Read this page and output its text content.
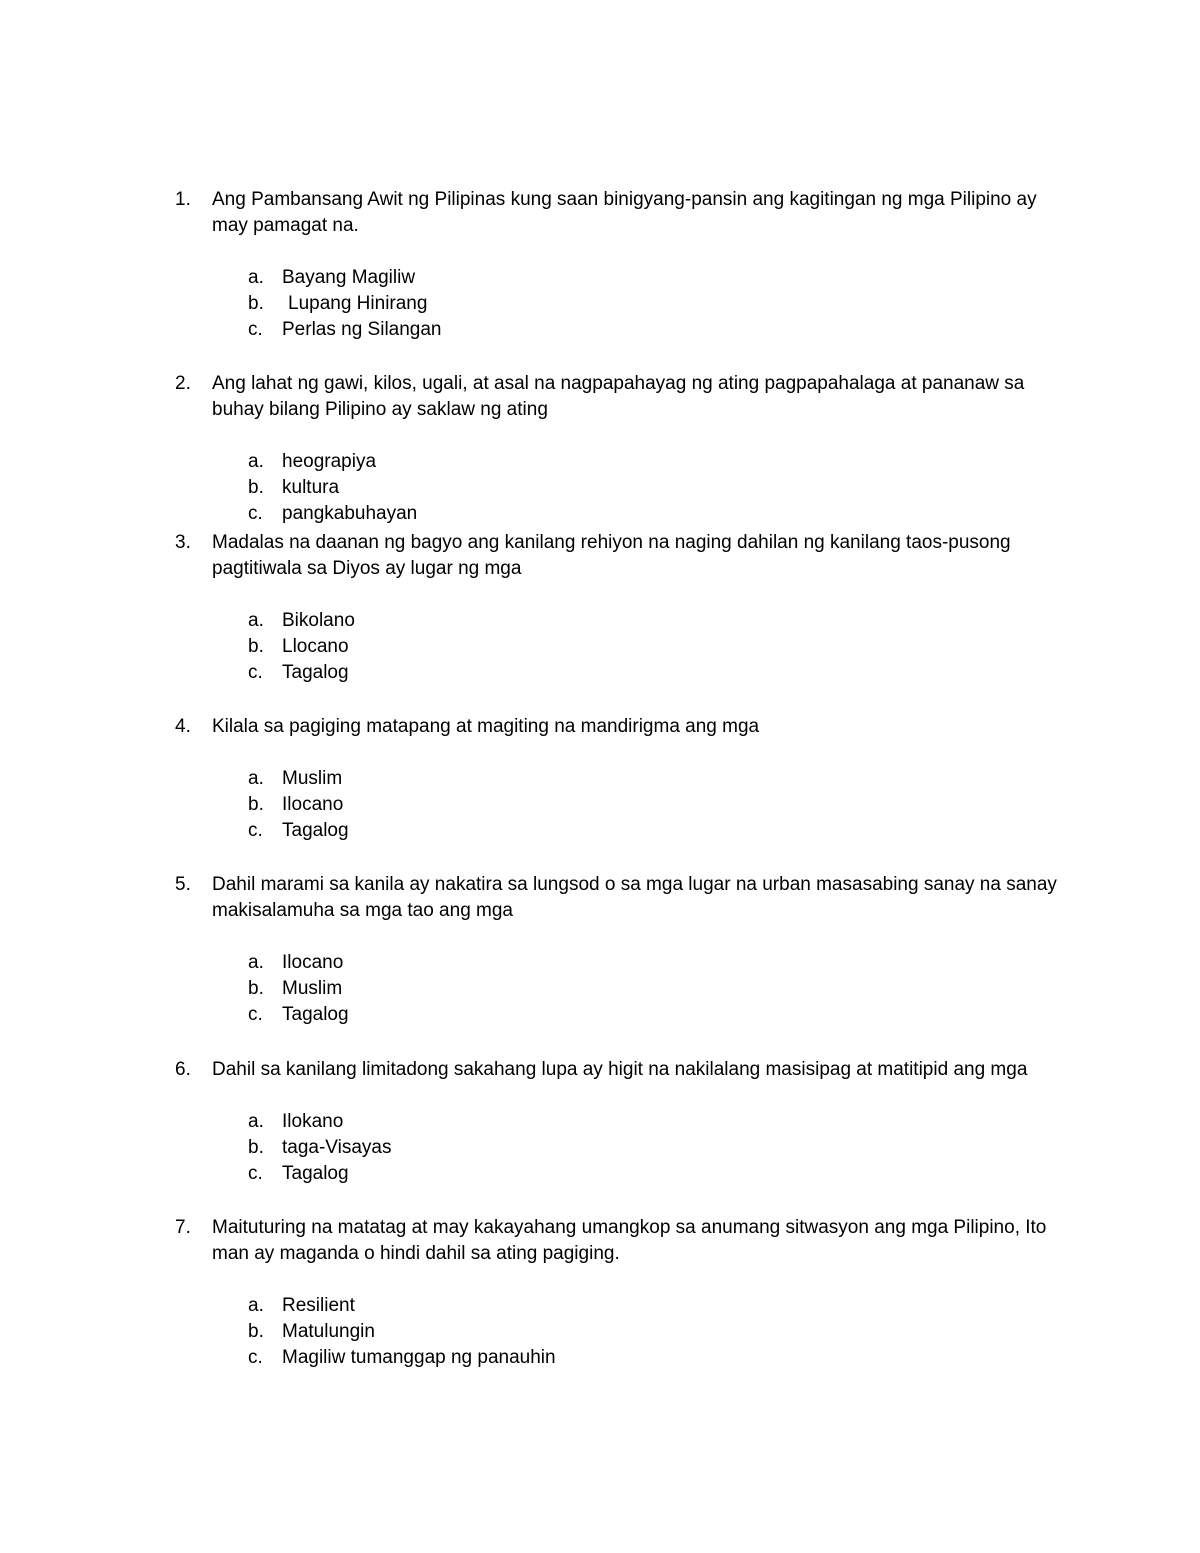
1.	Ang Pambansang Awit ng Pilipinas kung saan binigyang-pansin ang kagitingan ng mga Pilipino ay may pamagat na.
a. Bayang Magiliw
b. Lupang Hinirang
c. Perlas ng Silangan
2.	Ang lahat ng gawi, kilos, ugali, at asal na nagpapahayag ng ating pagpapahalaga at pananaw sa buhay bilang Pilipino ay saklaw ng ating
a. heograpiya
b. kultura
c. pangkabuhayan
3.	Madalas na daanan ng bagyo ang kanilang rehiyon na naging dahilan ng kanilang taos-pusong pagtitiwala sa Diyos ay lugar ng mga
a. Bikolano
b. Llocano
c. Tagalog
4.	Kilala sa pagiging matapang at magiting na mandirigma ang mga
a. Muslim
b. Ilocano
c. Tagalog
5.	Dahil marami sa kanila ay nakatira sa lungsod o sa mga lugar na urban masasabing sanay na sanay makisalamuha sa mga tao ang mga
a. Ilocano
b. Muslim
c. Tagalog
6.	Dahil sa kanilang limitadong sakahang lupa ay higit na nakilalang masisipag at matitipid ang mga
a. Ilokano
b. taga-Visayas
c. Tagalog
7.	Maituturing na matatag at may kakayahang umangkop sa anumang sitwasyon ang mga Pilipino, Ito man ay maganda o hindi dahil sa ating pagiging.
a. Resilient
b. Matulungin
c. Magiliw tumanggap ng panauhin
